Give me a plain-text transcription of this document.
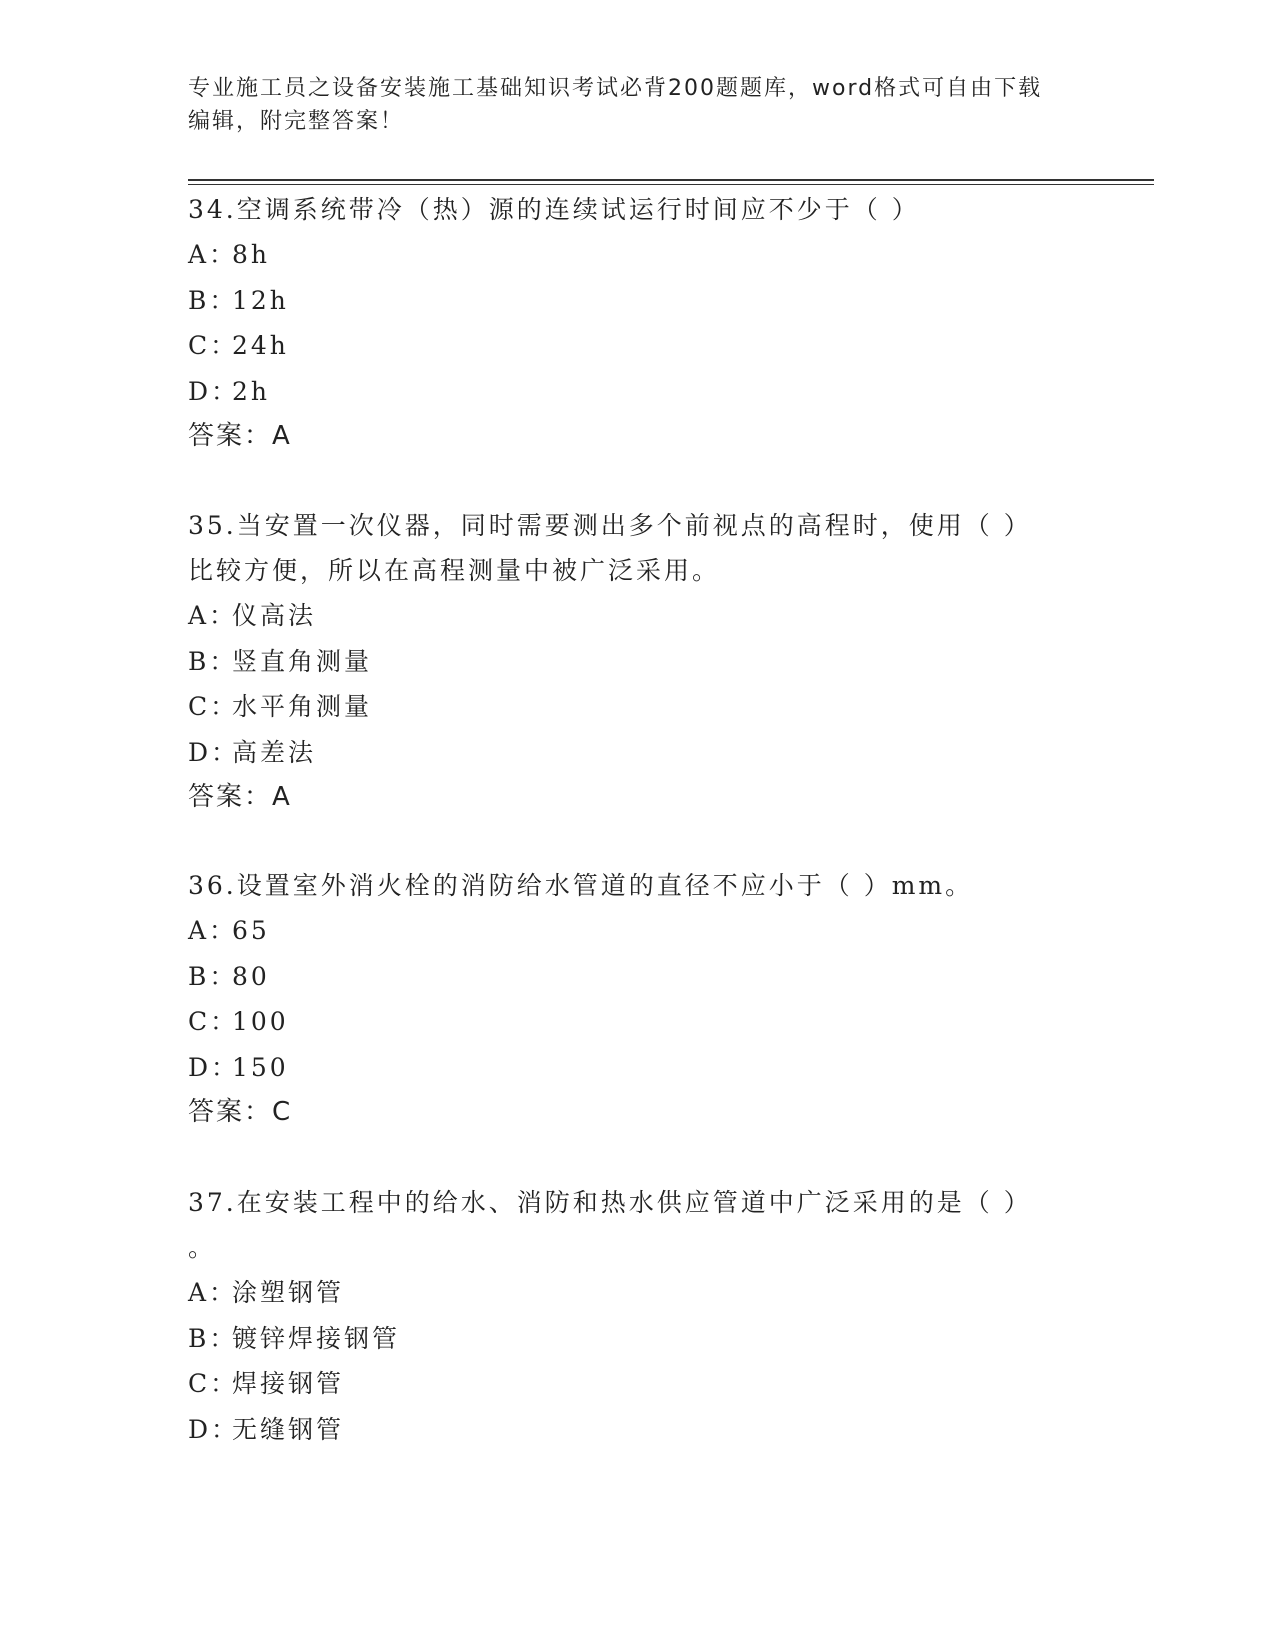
专业施工员之设备安装施工基础知识考试必背200题题库，word格式可自由下载
编辑，附完整答案！
34.空调系统带冷（热）源的连续试运行时间应不少于（ ）
A：8h
B：12h
C：24h
D：2h
答案：A
35.当安置一次仪器，同时需要测出多个前视点的高程时，使用（ ）
比较方便，所以在高程测量中被广泛采用。
A：仪高法
B：竖直角测量
C：水平角测量
D：高差法
答案：A
36.设置室外消火栓的消防给水管道的直径不应小于（ ）mm。
A：65
B：80
C：100
D：150
答案：C
37.在安装工程中的给水、消防和热水供应管道中广泛采用的是（ ）
。
A：涂塑钢管
B：镀锌焊接钢管
C：焊接钢管
D：无缝钢管
